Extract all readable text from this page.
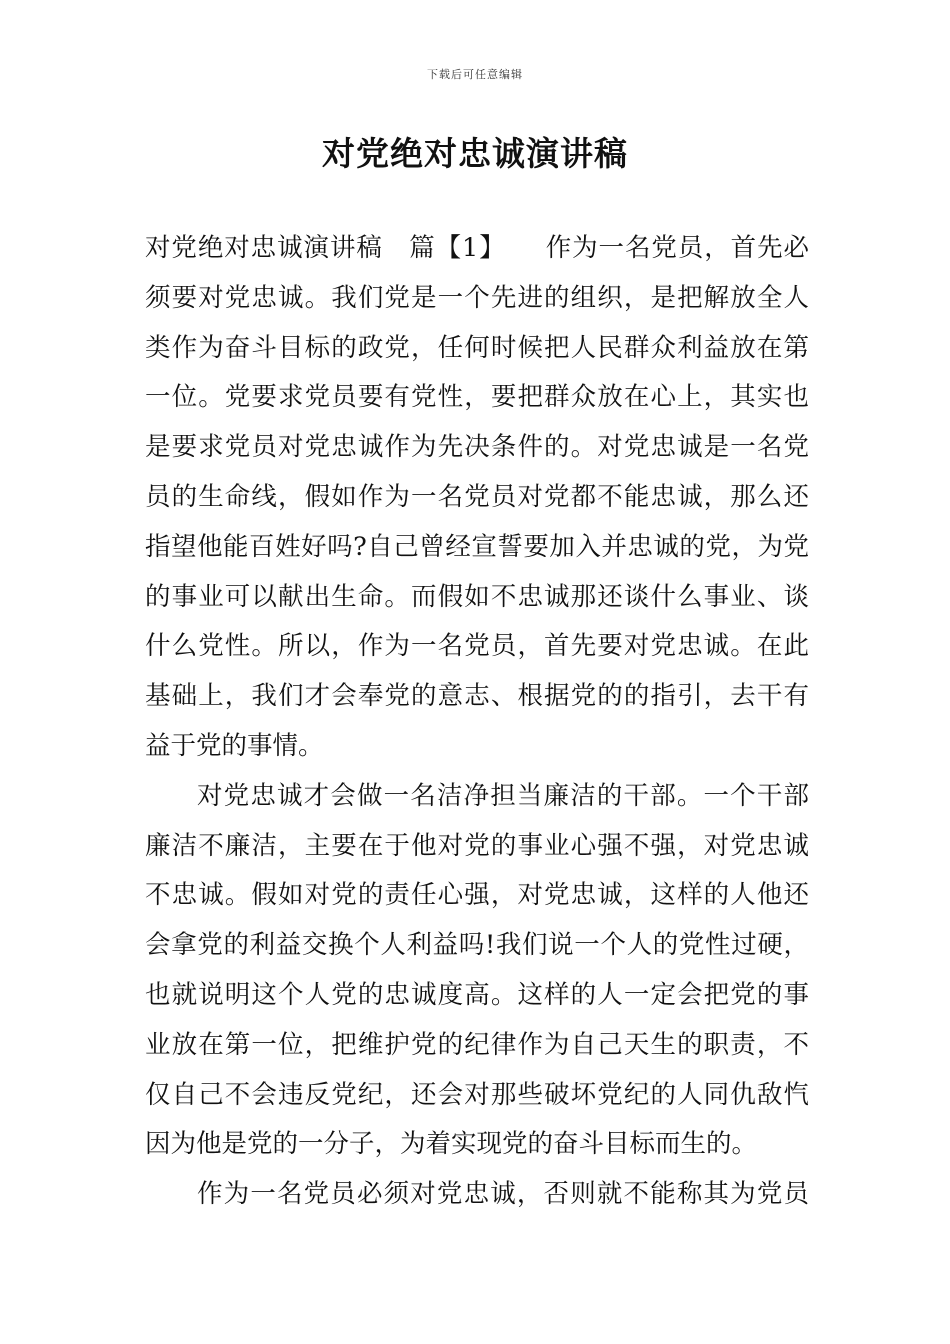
下载后可任意编辑
对党绝对忠诚演讲稿

对党绝对忠诚演讲稿　篇【1】　　作为一名党员，首先必
须要对党忠诚。我们党是一个先进的组织，是把解放全人
类作为奋斗目标的政党，任何时候把人民群众利益放在第
一位。党要求党员要有党性，要把群众放在心上，其实也
是要求党员对党忠诚作为先决条件的。对党忠诚是一名党
员的生命线，假如作为一名党员对党都不能忠诚，那么还
指望他能百姓好吗?自己曾经宣誓要加入并忠诚的党，为党
的事业可以献出生命。而假如不忠诚那还谈什么事业、谈
什么党性。所以，作为一名党员，首先要对党忠诚。在此
基础上，我们才会奉党的意志、根据党的的指引，去干有
益于党的事情。

对党忠诚才会做一名洁净担当廉洁的干部。一个干部
廉洁不廉洁，主要在于他对党的事业心强不强，对党忠诚
不忠诚。假如对党的责任心强，对党忠诚，这样的人他还
会拿党的利益交换个人利益吗!我们说一个人的党性过硬，
也就说明这个人党的忠诚度高。这样的人一定会把党的事
业放在第一位，把维护党的纪律作为自己天生的职责，不
仅自己不会违反党纪，还会对那些破坏党纪的人同仇敌忾
因为他是党的一分子，为着实现党的奋斗目标而生的。

作为一名党员必须对党忠诚，否则就不能称其为党员
